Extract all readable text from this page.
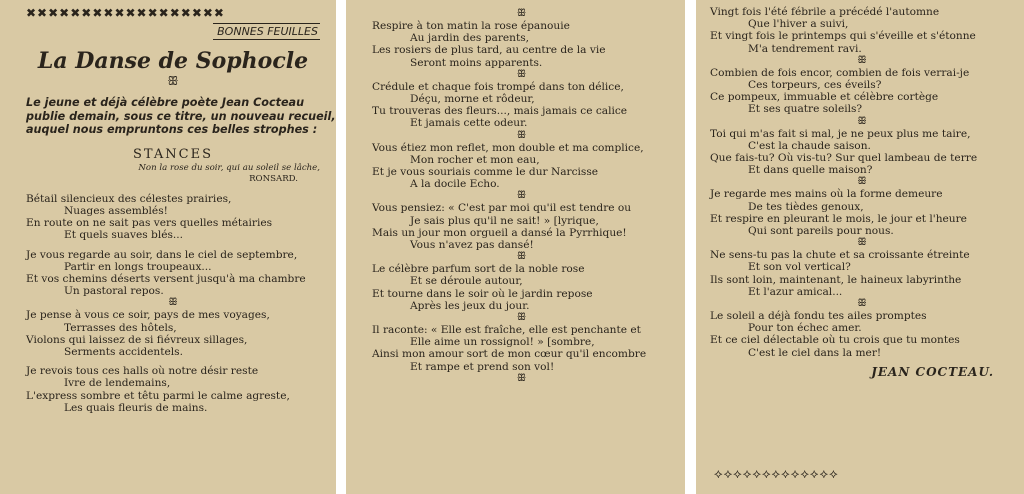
✖✖✖✖✖✖✖✖✖✖✖✖✖✖✖✖✖✖
BONNES FEUILLES
La Danse de Sophocle
ꕥ
Le jeune et déjà célèbre poète Jean Cocteau
publie demain, sous ce titre, un nouveau recueil,
auquel nous empruntons ces belles strophes :
STANCES
Non la rose du soir, qui au soleil se lâche,
RONSARD.
Bétail silencieux des célestes prairies,
Nuages assemblés!
En route on ne sait pas vers quelles métairies
Et quels suaves blés...
Je vous regarde au soir, dans le ciel de septembre,
Partir en longs troupeaux...
Et vos chemins déserts versent jusqu'à ma chambre
Un pastoral repos.
ꕥ
Je pense à vous ce soir, pays de mes voyages,
Terrasses des hôtels,
Violons qui laissez de si fiévreux sillages,
Serments accidentels.
Je revois tous ces halls où notre désir reste
Ivre de lendemains,
L'express sombre et têtu parmi le calme agreste,
Les quais fleuris de mains.
ꕥ
Respire à ton matin la rose épanouie
Au jardin des parents,
Les rosiers de plus tard, au centre de la vie
Seront moins apparents.
ꕥ
Crédule et chaque fois trompé dans ton délice,
Déçu, morne et rôdeur,
Tu trouveras des fleurs..., mais jamais ce calice
Et jamais cette odeur.
ꕥ
Vous étiez mon reflet, mon double et ma complice,
Mon rocher et mon eau,
Et je vous souriais comme le dur Narcisse
A la docile Echo.
ꕥ
Vous pensiez: « C'est par moi qu'il est tendre ou
Je sais plus qu'il ne sait! » [lyrique,
Mais un jour mon orgueil a dansé la Pyrrhique!
Vous n'avez pas dansé!
ꕥ
Le célèbre parfum sort de la noble rose
Et se déroule autour,
Et tourne dans le soir où le jardin repose
Après les jeux du jour.
ꕥ
Il raconte: « Elle est fraîche, elle est penchante et
Elle aime un rossignol! » [sombre,
Ainsi mon amour sort de mon cœur qu'il encombre
Et rampe et prend son vol!
ꕥ
Vingt fois l'été fébrile a précédé l'automne
Que l'hiver a suivi,
Et vingt fois le printemps qui s'éveille et s'étonne
M'a tendrement ravi.
ꕥ
Combien de fois encor, combien de fois verrai-je
Ces torpeurs, ces éveils?
Ce pompeux, immuable et célèbre cortège
Et ses quatre soleils?
ꕥ
Toi qui m'as fait si mal, je ne peux plus me taire,
C'est la chaude saison.
Que fais-tu? Où vis-tu? Sur quel lambeau de terre
Et dans quelle maison?
ꕥ
Je regarde mes mains où la forme demeure
De tes tièdes genoux,
Et respire en pleurant le mois, le jour et l'heure
Qui sont pareils pour nous.
ꕥ
Ne sens-tu pas la chute et sa croissante étreinte
Et son vol vertical?
Ils sont loin, maintenant, le haineux labyrinthe
Et l'azur amical...
ꕥ
Le soleil a déjà fondu tes ailes promptes
Pour ton échec amer.
Et ce ciel délectable où tu crois que tu montes
C'est le ciel dans la mer!
JEAN COCTEAU.
⟡⟡⟡⟡⟡⟡⟡⟡⟡⟡⟡⟡⟡
